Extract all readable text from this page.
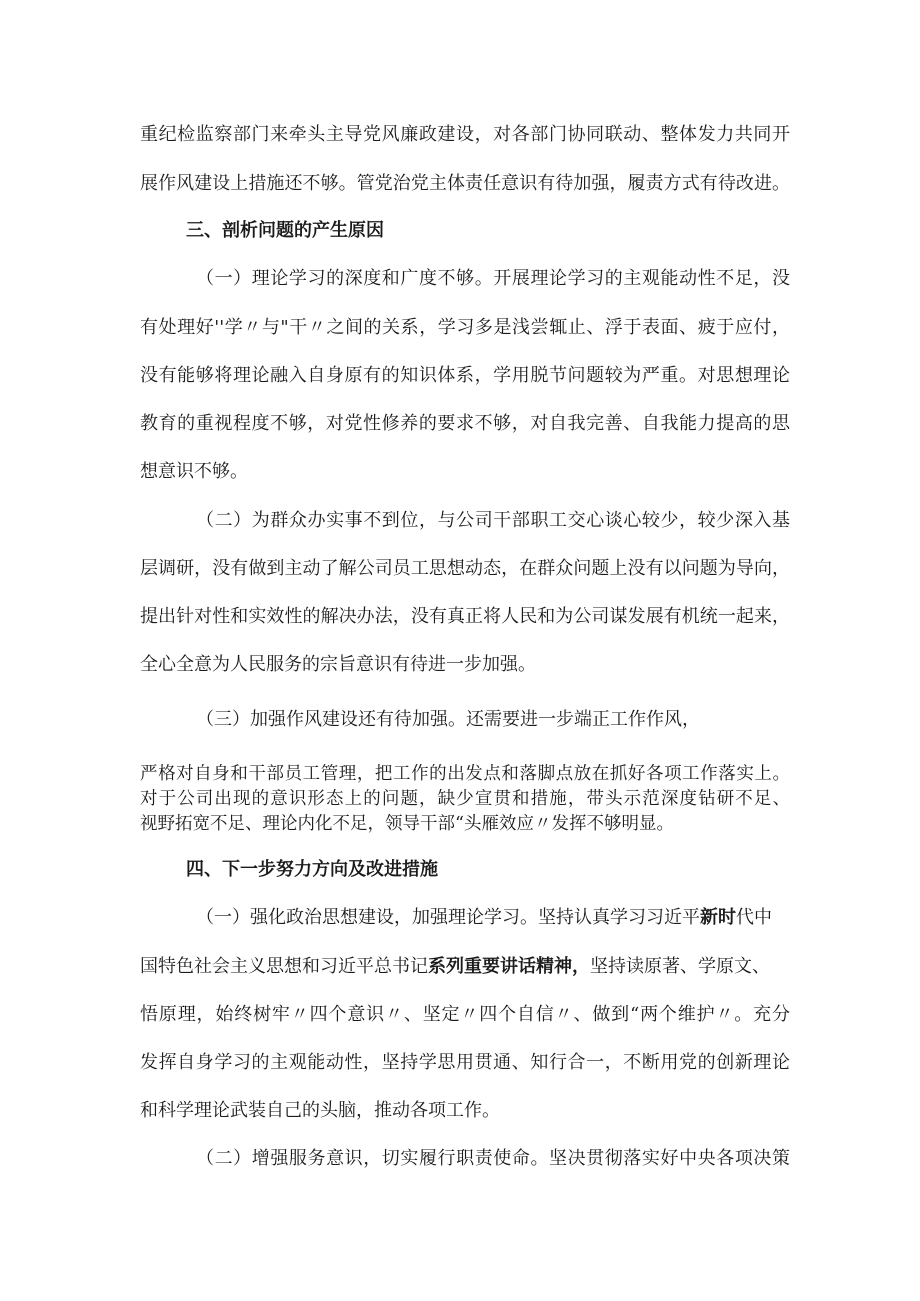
重纪检监察部门来牵头主导党风廉政建设，对各部门协同联动、整体发力共同开
展作风建设上措施还不够。管党治党主体责任意识有待加强，履责方式有待改进。
三、剖析问题的产生原因
（一）理论学习的深度和广度不够。开展理论学习的主观能动性不足，没
有处理好''学〃与"干〃之间的关系，学习多是浅尝辄止、浮于表面、疲于应付，
没有能够将理论融入自身原有的知识体系，学用脱节问题较为严重。对思想理论
教育的重视程度不够，对党性修养的要求不够，对自我完善、自我能力提高的思
想意识不够。
（二）为群众办实事不到位，与公司干部职工交心谈心较少，较少深入基
层调研，没有做到主动了解公司员工思想动态，在群众问题上没有以问题为导向，
提出针对性和实效性的解决办法，没有真正将人民和为公司谋发展有机统一起来，
全心全意为人民服务的宗旨意识有待进一步加强。
（三）加强作风建设还有待加强。还需要进一步端正工作作风，
严格对自身和干部员工管理，把工作的出发点和落脚点放在抓好各项工作落实上。
对于公司出现的意识形态上的问题，缺少宣贯和措施，带头示范深度钻研不足、
视野拓宽不足、理论内化不足，领导干部“头雁效应〃发挥不够明显。
四、下一步努力方向及改进措施
（一）强化政治思想建设，加强理论学习。坚持认真学习习近平新时代中
国特色社会主义思想和习近平总书记系列重要讲话精神，坚持读原著、学原文、
悟原理，始终树牢〃四个意识〃、坚定〃四个自信〃、做到“两个维护〃。充分
发挥自身学习的主观能动性，坚持学思用贯通、知行合一，不断用党的创新理论
和科学理论武装自己的头脑，推动各项工作。
（二）增强服务意识，切实履行职责使命。坚决贯彻落实好中央各项决策
